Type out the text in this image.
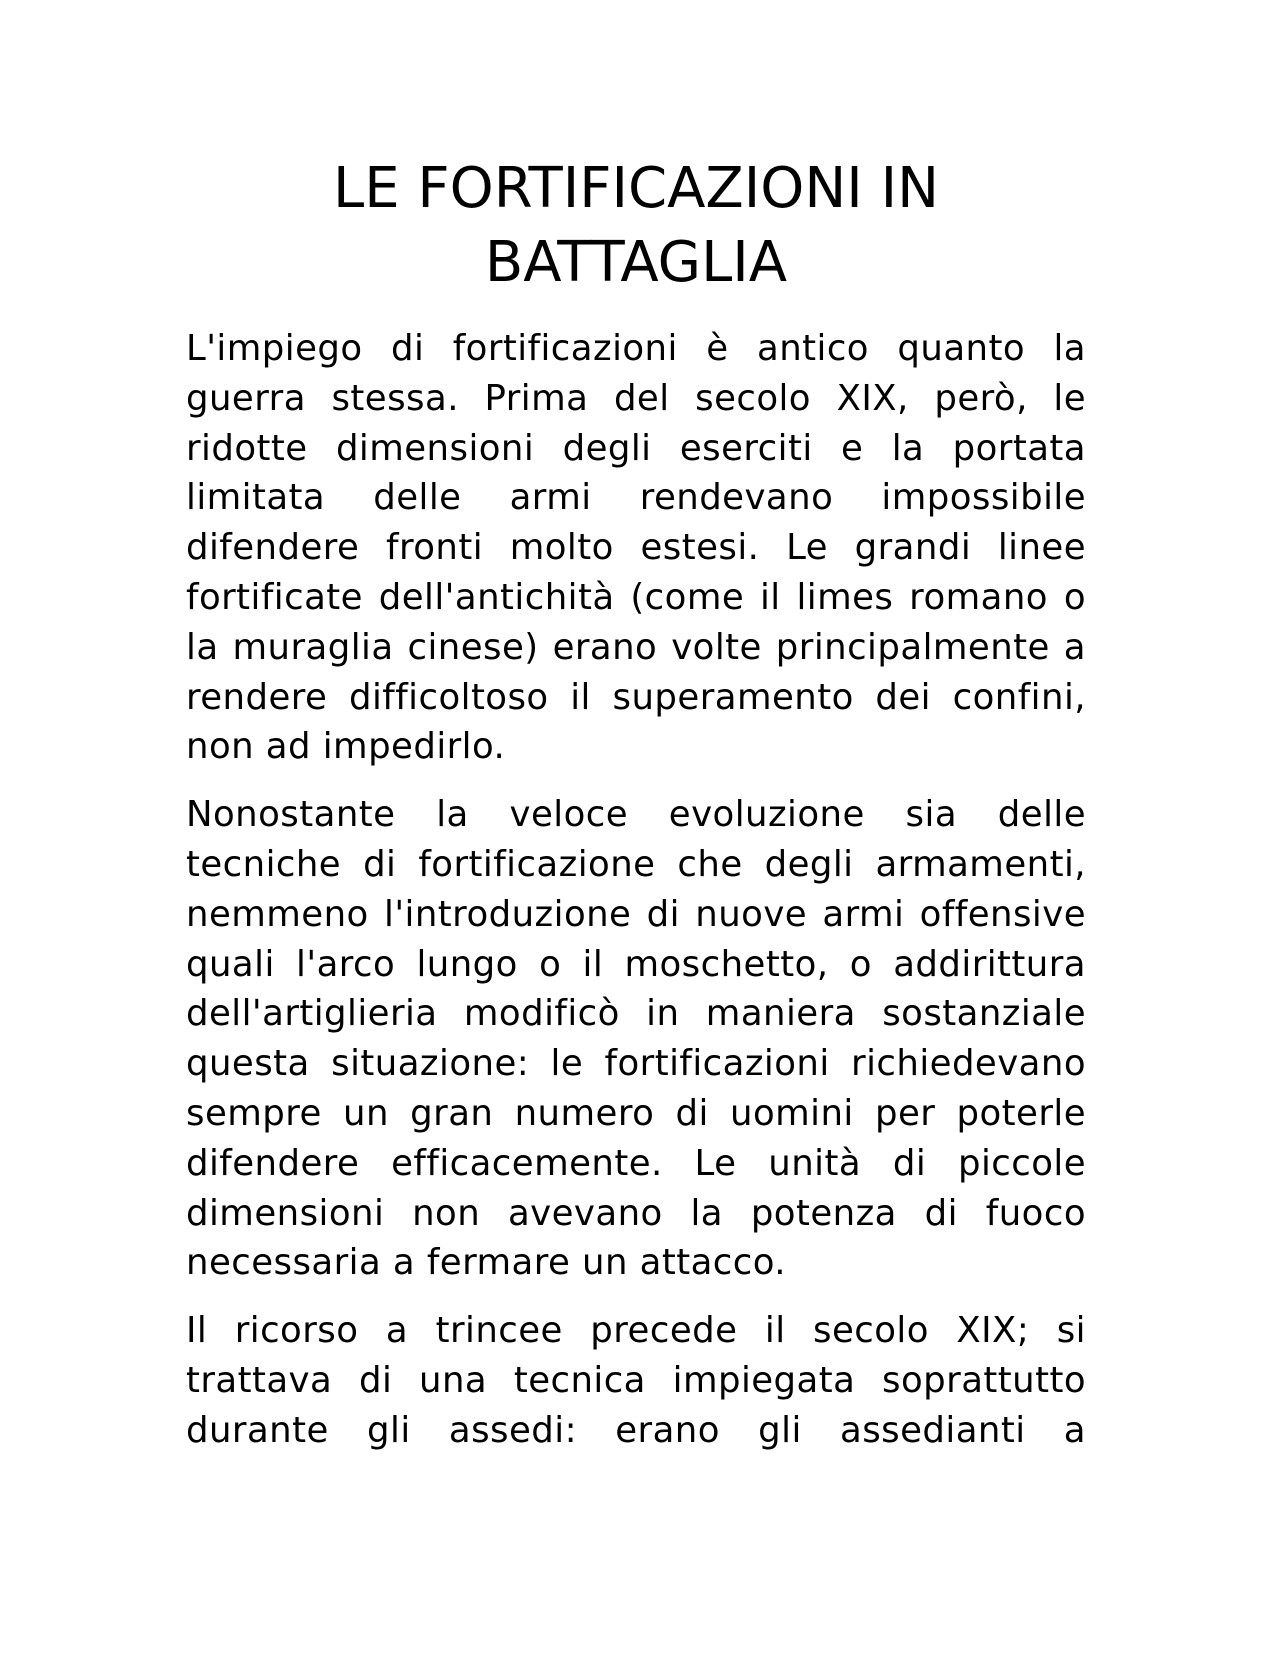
LE FORTIFICAZIONI IN BATTAGLIA

L'impiego di fortificazioni è antico quanto la guerra stessa. Prima del secolo XIX, però, le ridotte dimensioni degli eserciti e la portata limitata delle armi rendevano impossibile difendere fronti molto estesi. Le grandi linee fortificate dell'antichità (come il limes romano o la muraglia cinese) erano volte principalmente a rendere difficoltoso il superamento dei confini, non ad impedirlo.

Nonostante la veloce evoluzione sia delle tecniche di fortificazione che degli armamenti, nemmeno l'introduzione di nuove armi offensive quali l'arco lungo o il moschetto, o addirittura dell'artiglieria modificò in maniera sostanziale questa situazione: le fortificazioni richiedevano sempre un gran numero di uomini per poterle difendere efficacemente. Le unità di piccole dimensioni non avevano la potenza di fuoco necessaria a fermare un attacco.

Il ricorso a trincee precede il secolo XIX; si trattava di una tecnica impiegata soprattutto durante gli assedi: erano gli assedianti a
